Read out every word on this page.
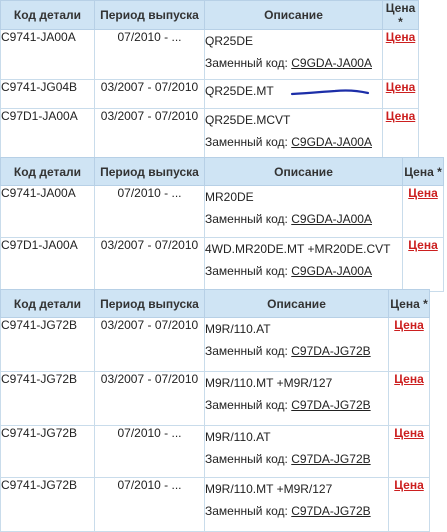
Код детали	Период выпуска	Описание	Цена *
C9741-JA00A	07/2010 - ...	QR25DE
Заменный код: C9GDA-JA00A	Цена
C9741-JG04B	03/2007 - 07/2010	QR25DE.MT	Цена
C97D1-JA00A	03/2007 - 07/2010	QR25DE.MCVT
Заменный код: C9GDA-JA00A	Цена
Код детали	Период выпуска	Описание	Цена *
C9741-JA00A	07/2010 - ...	MR20DE
Заменный код: C9GDA-JA00A	Цена
C97D1-JA00A	03/2007 - 07/2010	4WD.MR20DE.MT +MR20DE.CVT
Заменный код: C9GDA-JA00A	Цена
Код детали	Период выпуска	Описание	Цена *
C9741-JG72B	03/2007 - 07/2010	M9R/110.AT
Заменный код: C97DA-JG72B	Цена
C9741-JG72B	03/2007 - 07/2010	M9R/110.MT +M9R/127
Заменный код: C97DA-JG72B	Цена
C9741-JG72B	07/2010 - ...	M9R/110.AT
Заменный код: C97DA-JG72B	Цена
C9741-JG72B	07/2010 - ...	M9R/110.MT +M9R/127
Заменный код: C97DA-JG72B	Цена
